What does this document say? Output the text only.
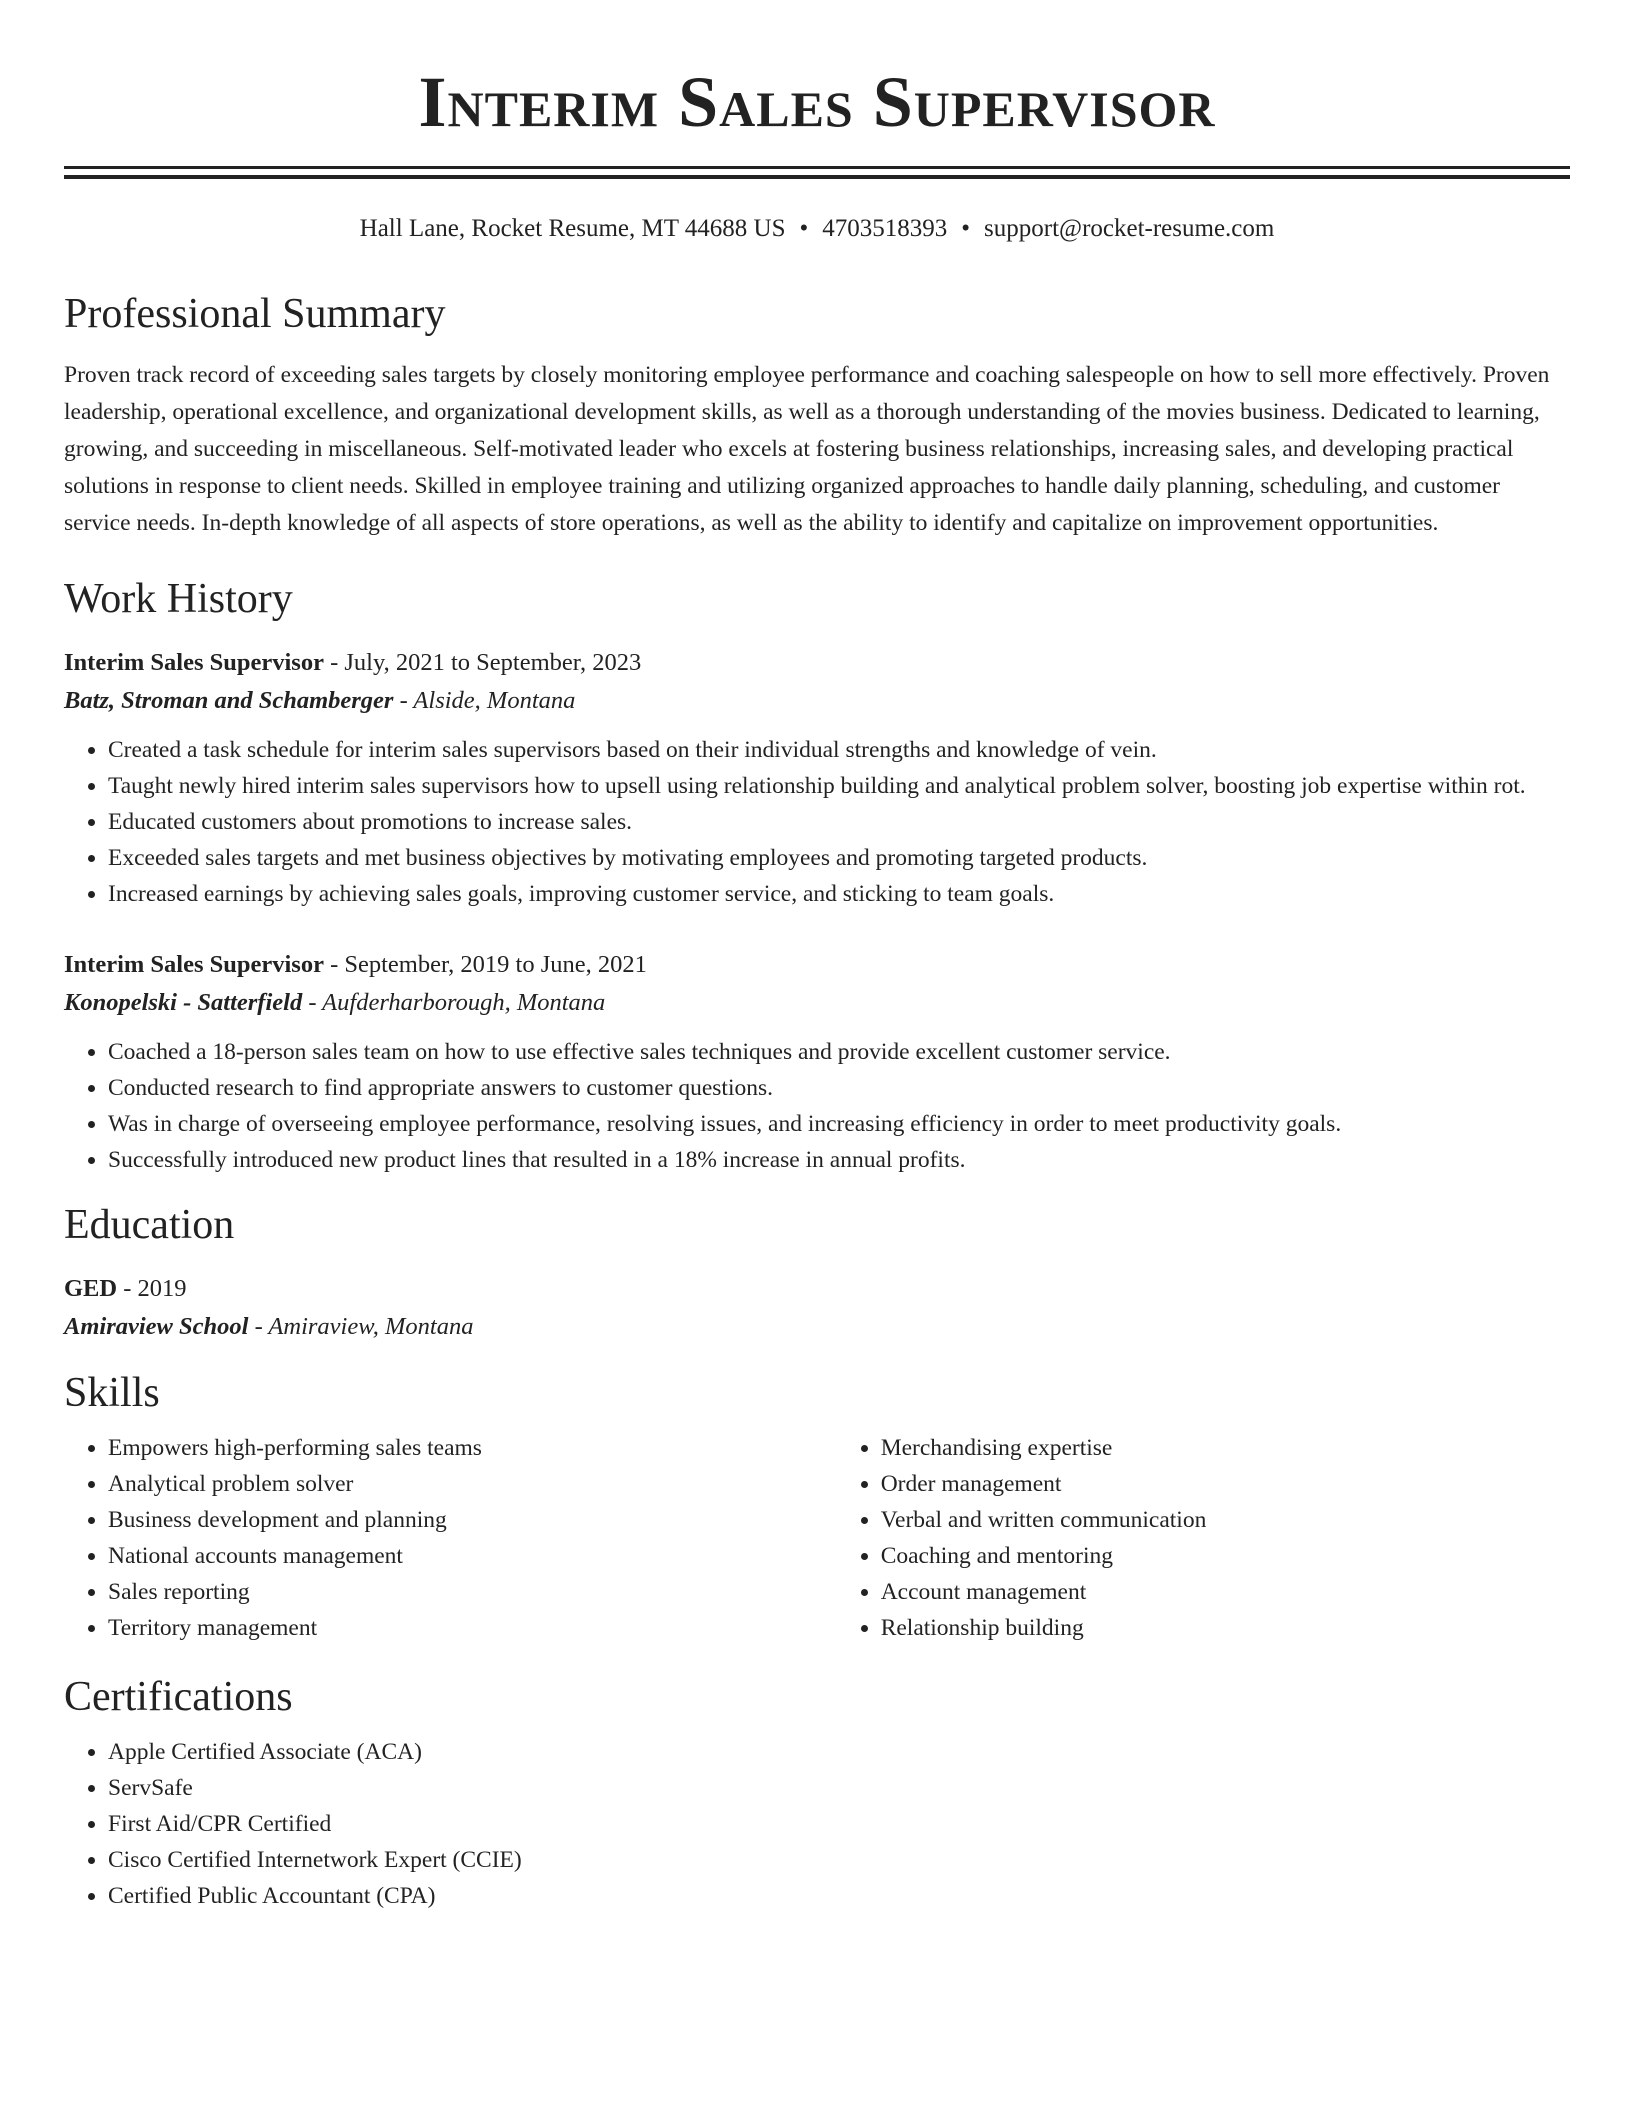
Interim Sales Supervisor
Hall Lane, Rocket Resume, MT 44688 US • 4703518393 • support@rocket-resume.com
Professional Summary
Proven track record of exceeding sales targets by closely monitoring employee performance and coaching salespeople on how to sell more effectively. Proven leadership, operational excellence, and organizational development skills, as well as a thorough understanding of the movies business. Dedicated to learning, growing, and succeeding in miscellaneous. Self-motivated leader who excels at fostering business relationships, increasing sales, and developing practical solutions in response to client needs. Skilled in employee training and utilizing organized approaches to handle daily planning, scheduling, and customer service needs. In-depth knowledge of all aspects of store operations, as well as the ability to identify and capitalize on improvement opportunities.
Work History
Interim Sales Supervisor - July, 2021 to September, 2023
Batz, Stroman and Schamberger - Alside, Montana
• Created a task schedule for interim sales supervisors based on their individual strengths and knowledge of vein.
• Taught newly hired interim sales supervisors how to upsell using relationship building and analytical problem solver, boosting job expertise within rot.
• Educated customers about promotions to increase sales.
• Exceeded sales targets and met business objectives by motivating employees and promoting targeted products.
• Increased earnings by achieving sales goals, improving customer service, and sticking to team goals.
Interim Sales Supervisor - September, 2019 to June, 2021
Konopelski - Satterfield - Aufderharborough, Montana
• Coached a 18-person sales team on how to use effective sales techniques and provide excellent customer service.
• Conducted research to find appropriate answers to customer questions.
• Was in charge of overseeing employee performance, resolving issues, and increasing efficiency in order to meet productivity goals.
• Successfully introduced new product lines that resulted in a 18% increase in annual profits.
Education
GED - 2019
Amiraview School - Amiraview, Montana
Skills
• Empowers high-performing sales teams
• Analytical problem solver
• Business development and planning
• National accounts management
• Sales reporting
• Territory management
• Merchandising expertise
• Order management
• Verbal and written communication
• Coaching and mentoring
• Account management
• Relationship building
Certifications
• Apple Certified Associate (ACA)
• ServSafe
• First Aid/CPR Certified
• Cisco Certified Internetwork Expert (CCIE)
• Certified Public Accountant (CPA)
